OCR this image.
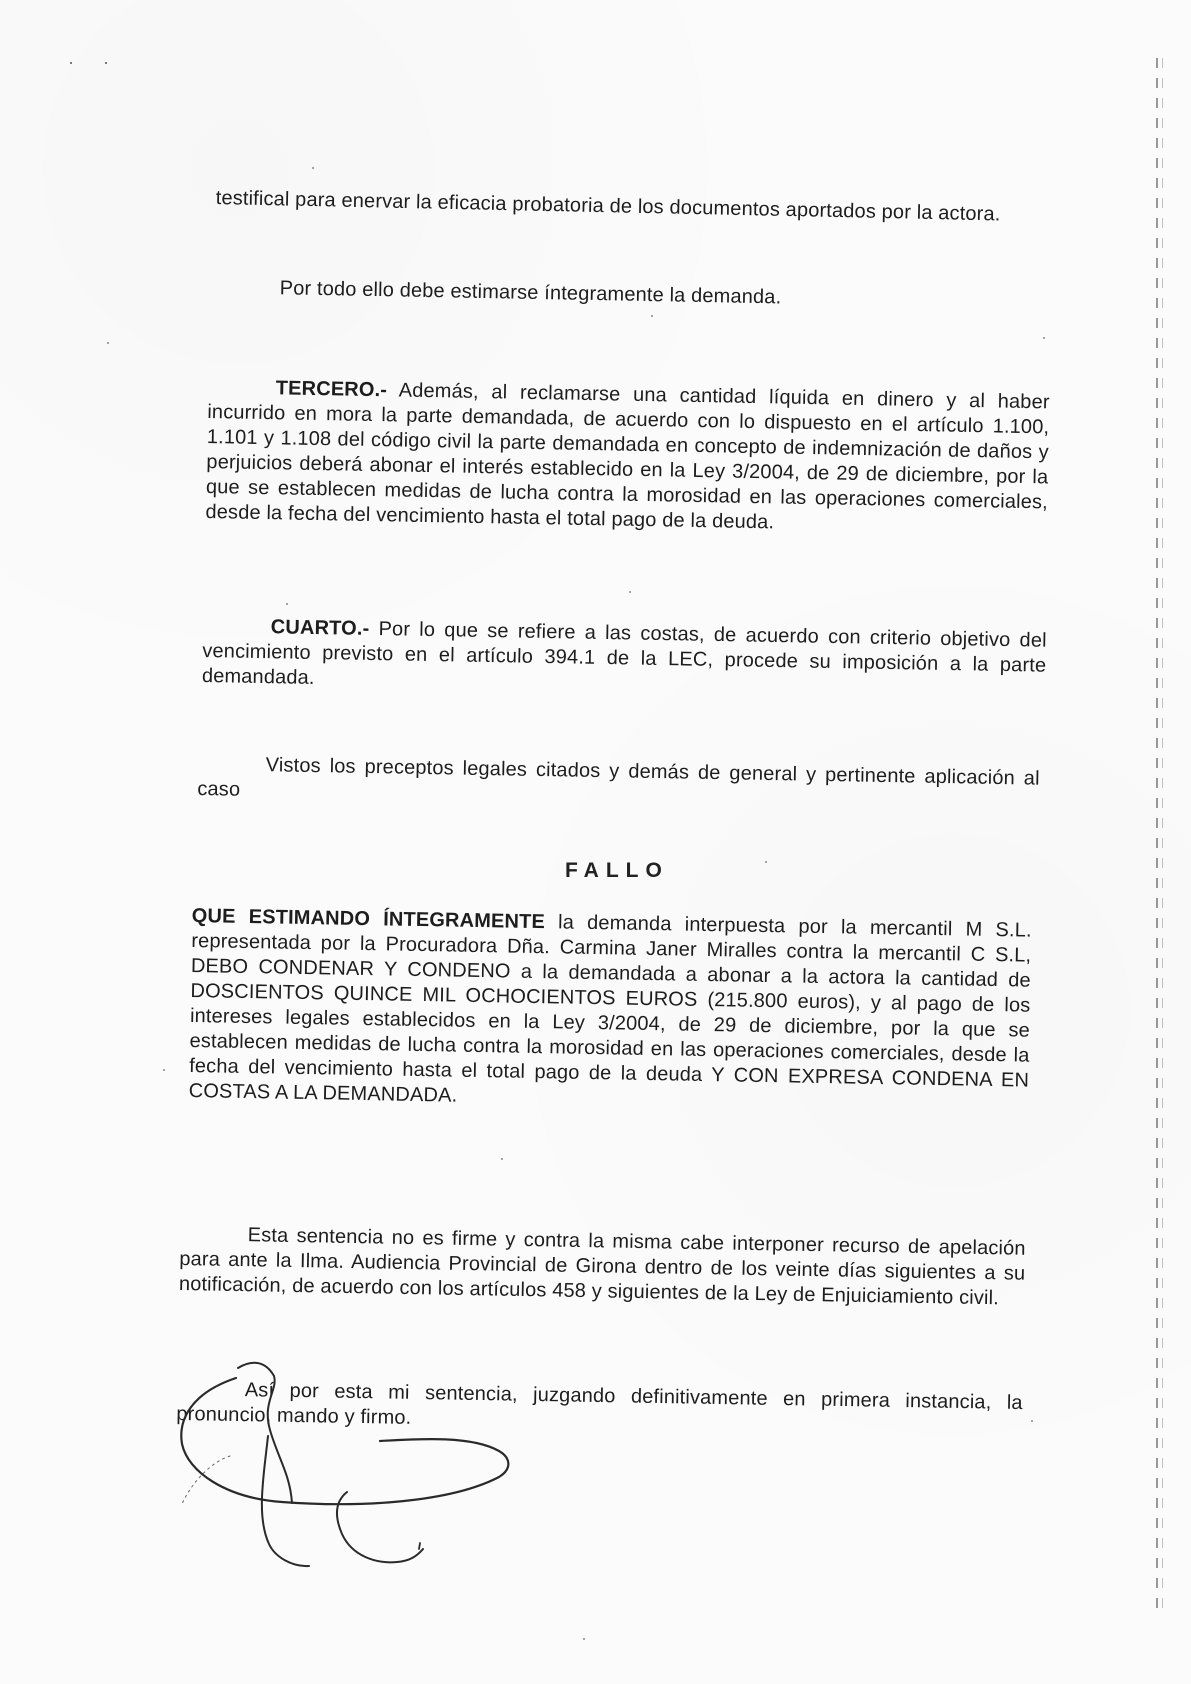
· ·

testifical para enervar la eficacia probatoria de los documentos aportados por la actora.

Por todo ello debe estimarse íntegramente la demanda.

TERCERO.- Además, al reclamarse una cantidad líquida en dinero y al haber incurrido en mora la parte demandada, de acuerdo con lo dispuesto en el artículo 1.100, 1.101 y 1.108 del código civil la parte demandada en concepto de indemnización de daños y perjuicios deberá abonar el interés establecido en la Ley 3/2004, de 29 de diciembre, por la que se establecen medidas de lucha contra la morosidad en las operaciones comerciales, desde la fecha del vencimiento hasta el total pago de la deuda.

CUARTO.- Por lo que se refiere a las costas, de acuerdo con criterio objetivo del vencimiento previsto en el artículo 394.1 de la LEC, procede su imposición a la parte demandada.

Vistos los preceptos legales citados y demás de general y pertinente aplicación al caso

FALLO

QUE ESTIMANDO ÍNTEGRAMENTE la demanda interpuesta por la mercantil M S.L. representada por la Procuradora Dña. Carmina Janer Miralles contra la mercantil C S.L, DEBO CONDENAR Y CONDENO a la demandada a abonar a la actora la cantidad de DOSCIENTOS QUINCE MIL OCHOCIENTOS EUROS (215.800 euros), y al pago de los intereses legales establecidos en la Ley 3/2004, de 29 de diciembre, por la que se establecen medidas de lucha contra la morosidad en las operaciones comerciales, desde la fecha del vencimiento hasta el total pago de la deuda Y CON EXPRESA CONDENA EN COSTAS A LA DEMANDADA.

Esta sentencia no es firme y contra la misma cabe interponer recurso de apelación para ante la Ilma. Audiencia Provincial de Girona dentro de los veinte días siguientes a su notificación, de acuerdo con los artículos 458 y siguientes de la Ley de Enjuiciamiento civil.

Así por esta mi sentencia, juzgando definitivamente en primera instancia, la pronuncio, mando y firmo.
